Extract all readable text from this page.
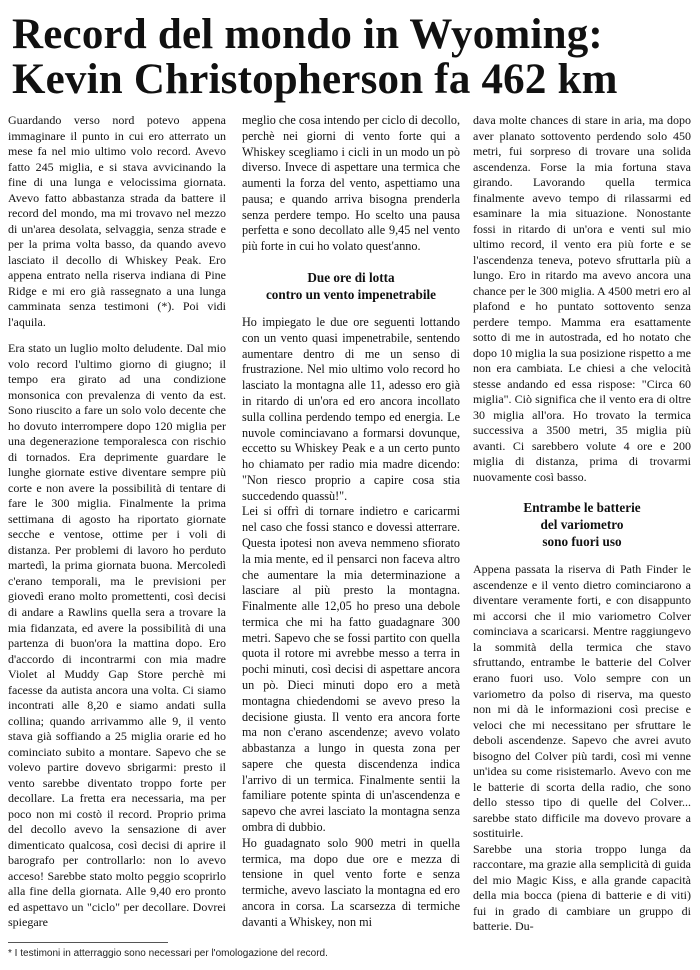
Record del mondo in Wyoming:
Kevin Christopherson fa 462 km

Guardando verso nord potevo appena immaginare il punto in cui ero atterrato un mese fa nel mio ultimo volo record. Avevo fatto 245 miglia, e si stava avvicinando la fine di una lunga e velocissima giornata. Avevo fatto abbastanza strada da battere il record del mondo, ma mi trovavo nel mezzo di un'area desolata, selvaggia, senza strade e per la prima volta basso, da quando avevo lasciato il decollo di Whiskey Peak. Ero appena entrato nella riserva indiana di Pine Ridge e mi ero già rassegnato a una lunga camminata senza testimoni (*). Poi vidi l'aquila.

Era stato un luglio molto deludente. Dal mio volo record l'ultimo giorno di giugno; il tempo era girato ad una condizione monsonica con prevalenza di vento da est. Sono riuscito a fare un solo volo decente che ho dovuto interrompere dopo 120 miglia per una degenerazione temporalesca con rischio di tornados. Era deprimente guardare le lunghe giornate estive diventare sempre più corte e non avere la possibilità di tentare di fare le 300 miglia. Finalmente la prima settimana di agosto ha riportato giornate secche e ventose, ottime per i voli di distanza. Per problemi di lavoro ho perduto martedì, la prima giornata buona. Mercoledì c'erano temporali, ma le previsioni per giovedì erano molto promettenti, così decisi di andare a Rawlins quella sera a trovare la mia fidanzata, ed avere la possibilità di una partenza di buon'ora la mattina dopo. Ero d'accordo di incontrarmi con mia madre Violet al Muddy Gap Store perchè mi facesse da autista ancora una volta. Ci siamo incontrati alle 8,20 e siamo andati sulla collina; quando arrivammo alle 9, il vento stava già soffiando a 25 miglia orarie ed ho cominciato subito a montare. Sapevo che se volevo partire dovevo sbrigarmi: presto il vento sarebbe diventato troppo forte per decollare. La fretta era necessaria, ma per poco non mi costò il record. Proprio prima del decollo avevo la sensazione di aver dimenticato qualcosa, così decisi di aprire il barografo per controllarlo: non lo avevo acceso! Sarebbe stato molto peggio scoprirlo alla fine della giornata. Alle 9,40 ero pronto ed aspettavo un "ciclo" per decollare. Dovrei spiegare

meglio che cosa intendo per ciclo di decollo, perchè nei giorni di vento forte qui a Whiskey scegliamo i cicli in un modo un pò diverso. Invece di aspettare una termica che aumenti la forza del vento, aspettiamo una pausa; e quando arriva bisogna prenderla senza perdere tempo. Ho scelto una pausa perfetta e sono decollato alle 9,45 nel vento più forte in cui ho volato quest'anno.

Due ore di lotta
contro un vento impenetrabile

Ho impiegato le due ore seguenti lottando con un vento quasi impenetrabile, sentendo aumentare dentro di me un senso di frustrazione. Nel mio ultimo volo record ho lasciato la montagna alle 11, adesso ero già in ritardo di un'ora ed ero ancora incollato sulla collina perdendo tempo ed energia. Le nuvole cominciavano a formarsi dovunque, eccetto su Whiskey Peak e a un certo punto ho chiamato per radio mia madre dicendo: "Non riesco proprio a capire cosa stia succedendo quassù!".

Lei si offrì di tornare indietro e caricarmi nel caso che fossi stanco e dovessi atterrare. Questa ipotesi non aveva nemmeno sfiorato la mia mente, ed il pensarci non faceva altro che aumentare la mia determinazione a lasciare al più presto la montagna. Finalmente alle 12,05 ho preso una debole termica che mi ha fatto guadagnare 300 metri. Sapevo che se fossi partito con quella quota il rotore mi avrebbe messo a terra in pochi minuti, così decisi di aspettare ancora un pò. Dieci minuti dopo ero a metà montagna chiedendomi se avevo preso la decisione giusta. Il vento era ancora forte ma non c'erano ascendenze; avevo volato abbastanza a lungo in questa zona per sapere che questa discendenza indica l'arrivo di un termica. Finalmente sentii la familiare potente spinta di un'ascendenza e sapevo che avrei lasciato la montagna senza ombra di dubbio.

Ho guadagnato solo 900 metri in quella termica, ma dopo due ore e mezza di tensione in quel vento forte e senza termiche, avevo lasciato la montagna ed ero ancora in corsa. La scarsezza di termiche davanti a Whiskey, non mi

dava molte chances di stare in aria, ma dopo aver planato sottovento perdendo solo 450 metri, fui sorpreso di trovare una solida ascendenza. Forse la mia fortuna stava girando. Lavorando quella termica finalmente avevo tempo di rilassarmi ed esaminare la mia situazione. Nonostante fossi in ritardo di un'ora e venti sul mio ultimo record, il vento era più forte e se l'ascendenza teneva, potevo sfruttarla più a lungo. Ero in ritardo ma avevo ancora una chance per le 300 miglia. A 4500 metri ero al plafond e ho puntato sottovento senza perdere tempo. Mamma era esattamente sotto di me in autostrada, ed ho notato che dopo 10 miglia la sua posizione rispetto a me non era cambiata. Le chiesi a che velocità stesse andando ed essa rispose: "Circa 60 miglia". Ciò significa che il vento era di oltre 30 miglia all'ora. Ho trovato la termica successiva a 3500 metri, 35 miglia più avanti. Ci sarebbero volute 4 ore e 200 miglia di distanza, prima di trovarmi nuovamente così basso.

Entrambe le batterie
del variometro
sono fuori uso

Appena passata la riserva di Path Finder le ascendenze e il vento dietro cominciarono a diventare veramente forti, e con disappunto mi accorsi che il mio variometro Colver cominciava a scaricarsi. Mentre raggiungevo la sommità della termica che stavo sfruttando, entrambe le batterie del Colver erano fuori uso. Volo sempre con un variometro da polso di riserva, ma questo non mi dà le informazioni così precise e veloci che mi necessitano per sfruttare le deboli ascendenze. Sapevo che avrei avuto bisogno del Colver più tardi, così mi venne un'idea su come risistemarlo. Avevo con me le batterie di scorta della radio, che sono dello stesso tipo di quelle del Colver... sarebbe stato difficile ma dovevo provare a sostituirle.

Sarebbe una storia troppo lunga da raccontare, ma grazie alla semplicità di guida del mio Magic Kiss, e alla grande capacità della mia bocca (piena di batterie e di viti) fui in grado di cambiare un gruppo di batterie. Du-

* I testimoni in atterraggio sono necessari per l'omologazione del record.
